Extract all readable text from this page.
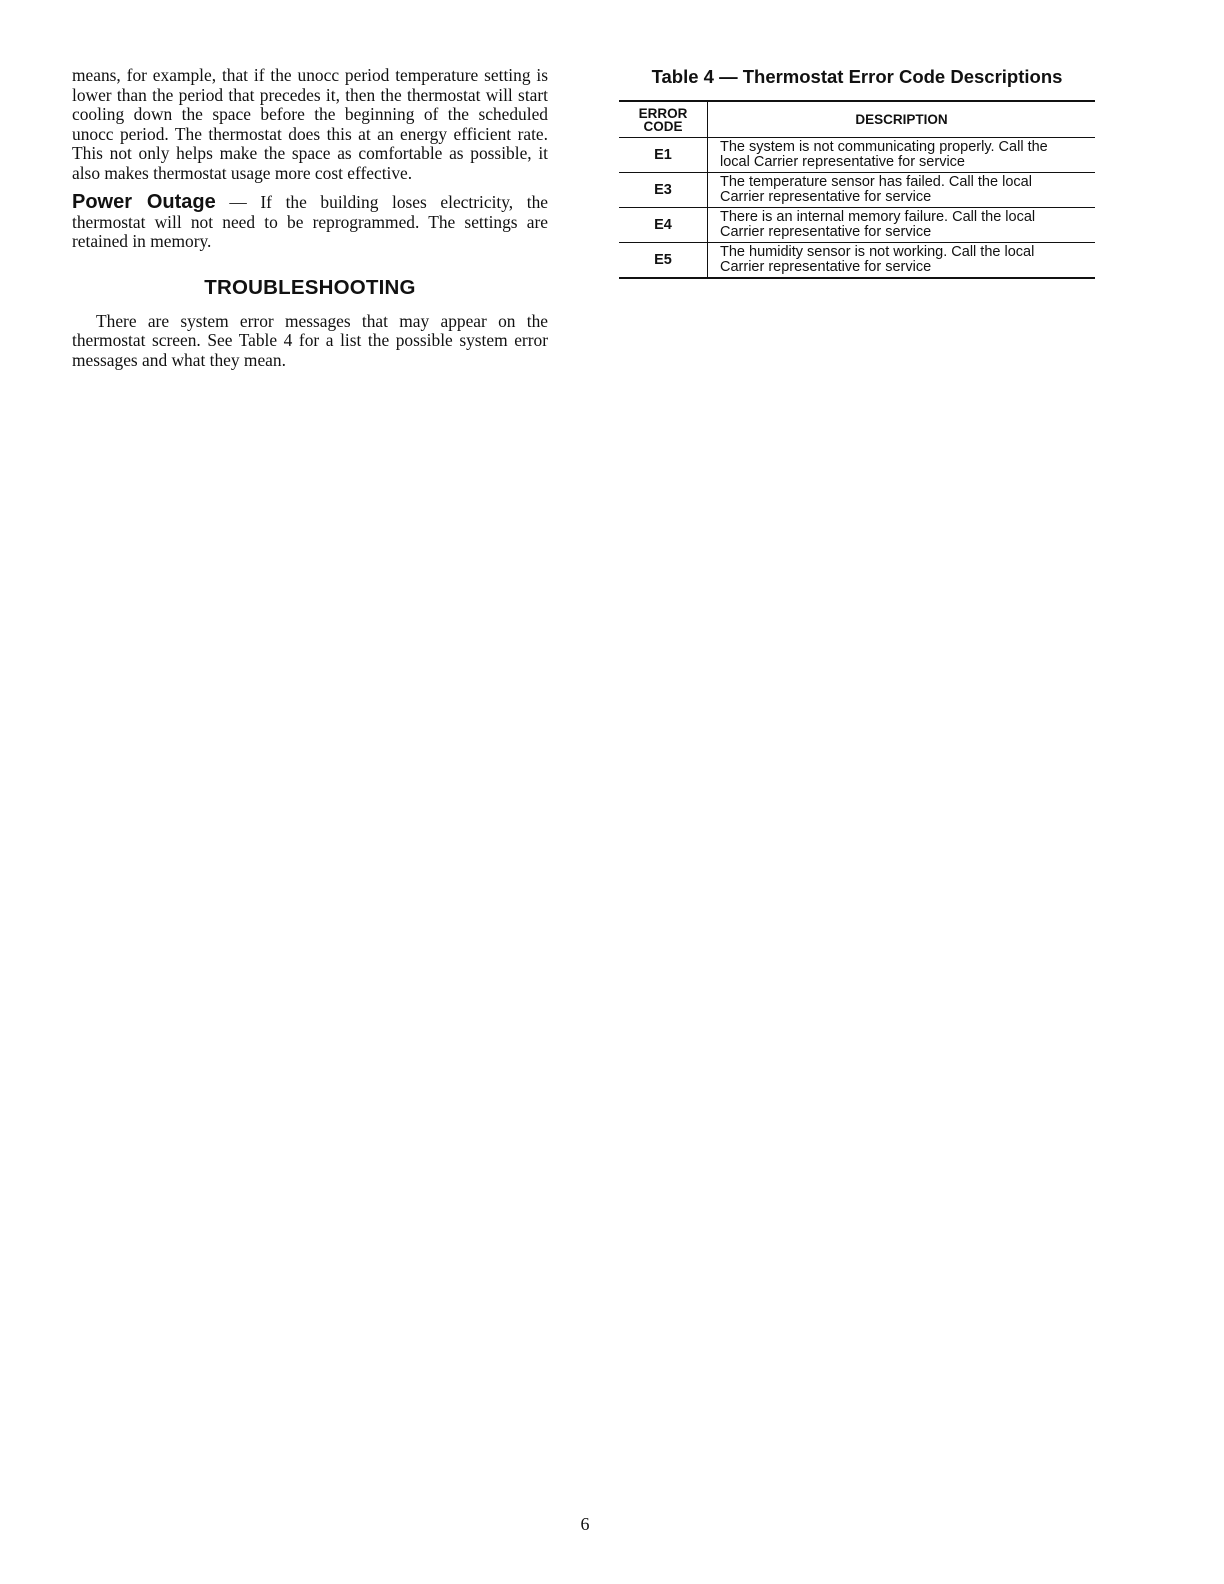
means, for example, that if the unocc period temperature setting is lower than the period that precedes it, then the thermostat will start cooling down the space before the beginning of the scheduled unocc period. The thermostat does this at an energy efficient rate. This not only helps make the space as comfortable as possible, it also makes thermostat usage more cost effective.

Power Outage — If the building loses electricity, the thermostat will not need to be reprogrammed. The settings are retained in memory.

TROUBLESHOOTING

There are system error messages that may appear on the thermostat screen. See Table 4 for a list the possible system error messages and what they mean.

Table 4 — Thermostat Error Code Descriptions
ERROR
CODE	DESCRIPTION
E1	The system is not communicating properly. Call the
local Carrier representative for service
E3	The temperature sensor has failed. Call the local
Carrier representative for service
E4	There is an internal memory failure. Call the local
Carrier representative for service
E5	The humidity sensor is not working. Call the local
Carrier representative for service
6
